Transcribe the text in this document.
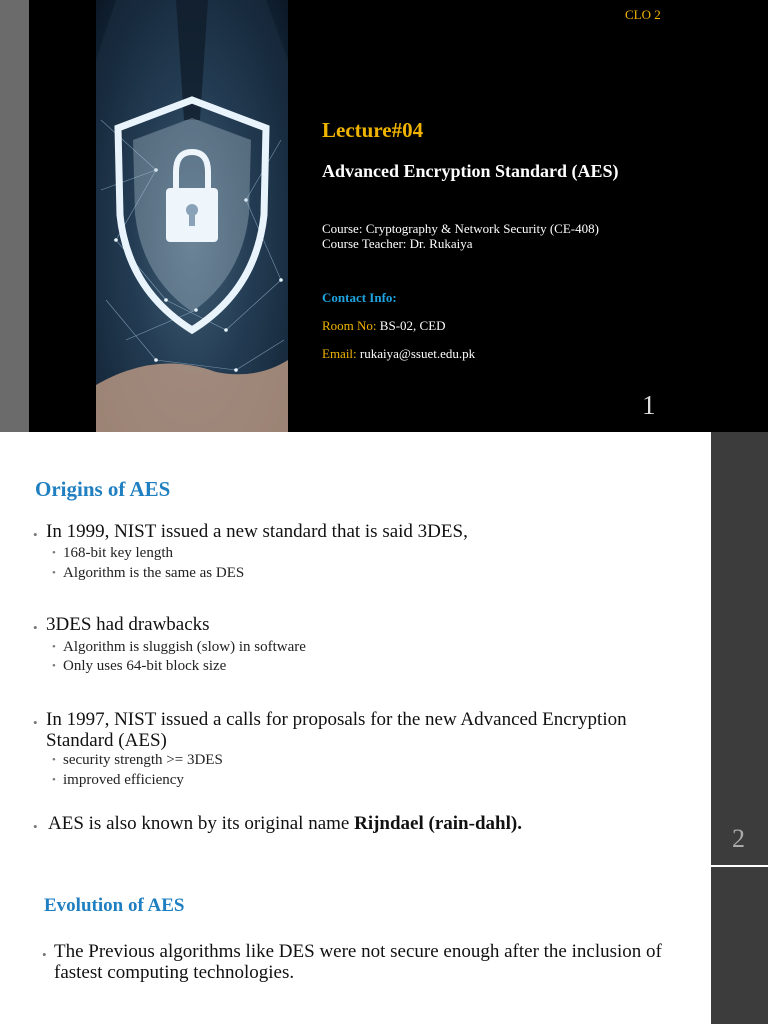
CLO 2
Lecture#04
Advanced Encryption Standard (AES)
Course: Cryptography & Network Security (CE-408)
Course Teacher: Dr. Rukaiya
Contact Info:
Room No: BS-02, CED
Email: rukaiya@ssuet.edu.pk
1
2
Origins of AES
• In 1999, NIST issued a new standard that is said 3DES,
• 168-bit key length
• Algorithm is the same as DES
• 3DES had drawbacks
• Algorithm is sluggish (slow) in software
• Only uses 64-bit block size
• In 1997, NIST issued a calls for proposals for the new Advanced Encryption Standard (AES)
• security strength >= 3DES
• improved efficiency
• AES is also known by its original name Rijndael (rain-dahl).
Evolution of AES
• The Previous algorithms like DES were not secure enough after the inclusion of fastest computing technologies.
